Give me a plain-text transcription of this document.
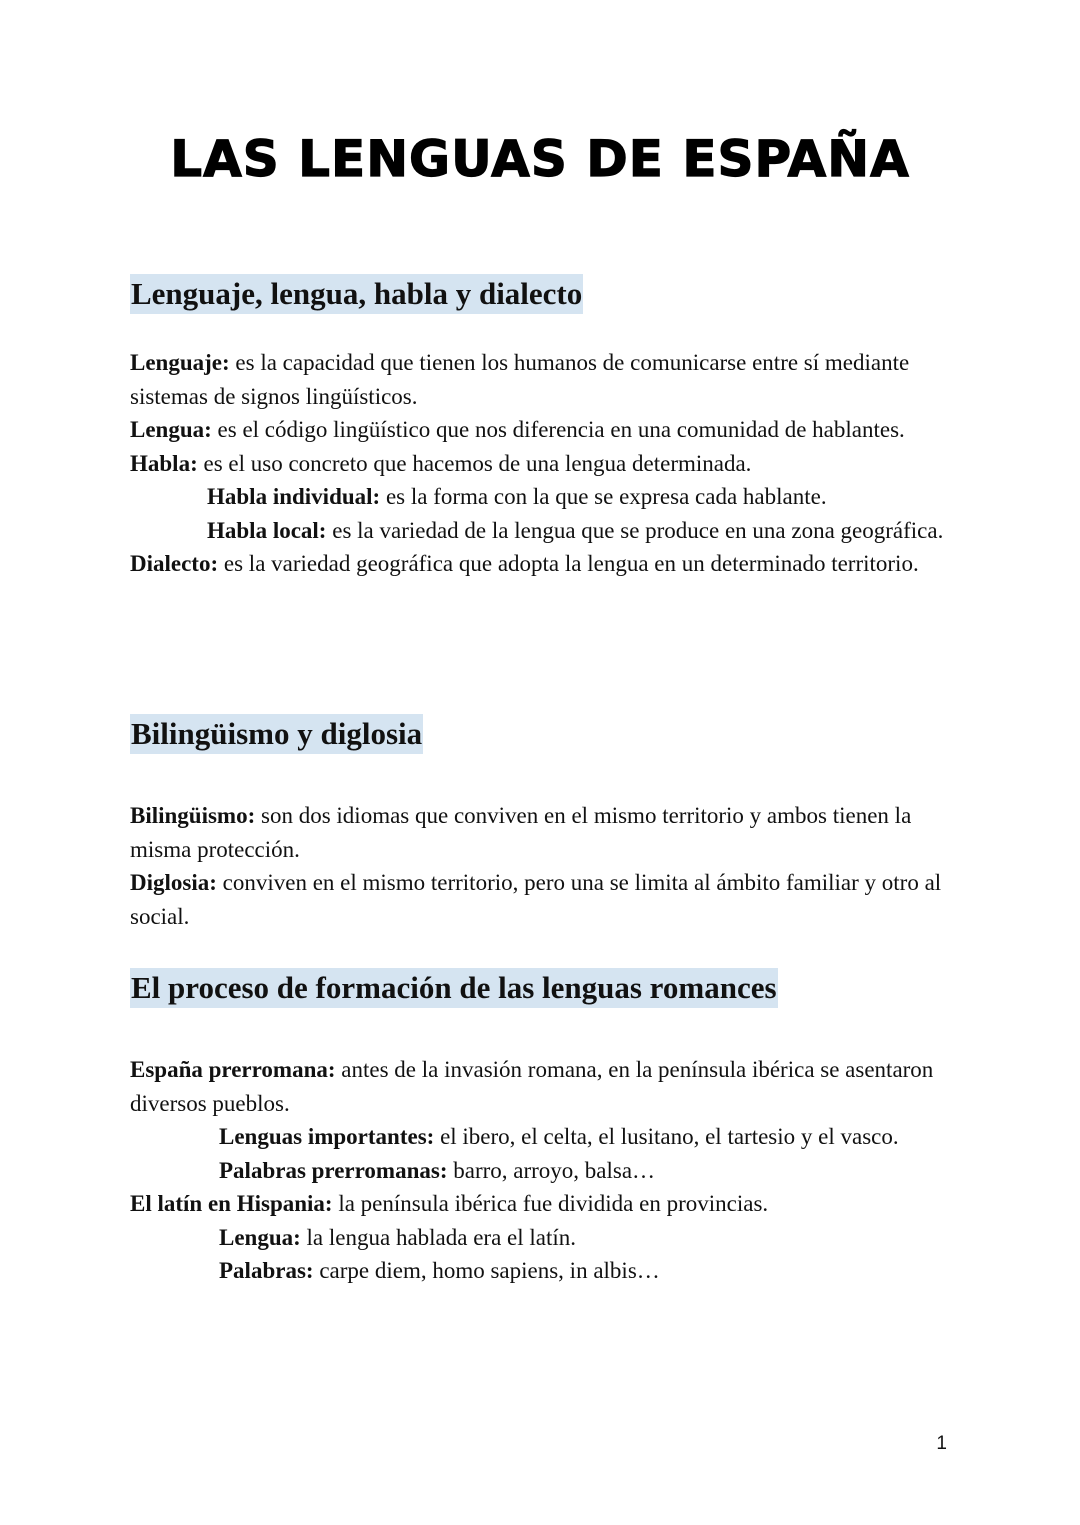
LAS LENGUAS DE ESPAÑA
Lenguaje, lengua, habla y dialecto

Lenguaje: es la capacidad que tienen los humanos de comunicarse entre sí mediante sistemas de signos lingüísticos.

Lengua: es el código lingüístico que nos diferencia en una comunidad de hablantes.

Habla: es el uso concreto que hacemos de una lengua determinada.

Habla individual: es la forma con la que se expresa cada hablante.

Habla local: es la variedad de la lengua que se produce en una zona geográfica.

Dialecto: es la variedad geográfica que adopta la lengua en un determinado territorio.

Bilingüismo y diglosia

Bilingüismo: son dos idiomas que conviven en el mismo territorio y ambos tienen la misma protección.

Diglosia: conviven en el mismo territorio, pero una se limita al ámbito familiar y otro al social.

El proceso de formación de las lenguas romances

España prerromana: antes de la invasión romana, en la península ibérica se asentaron diversos pueblos.

Lenguas importantes: el ibero, el celta, el lusitano, el tartesio y el vasco.

Palabras prerromanas: barro, arroyo, balsa…

El latín en Hispania: la península ibérica fue dividida en provincias.

Lengua: la lengua hablada era el latín.

Palabras: carpe diem, homo sapiens, in albis…

1
